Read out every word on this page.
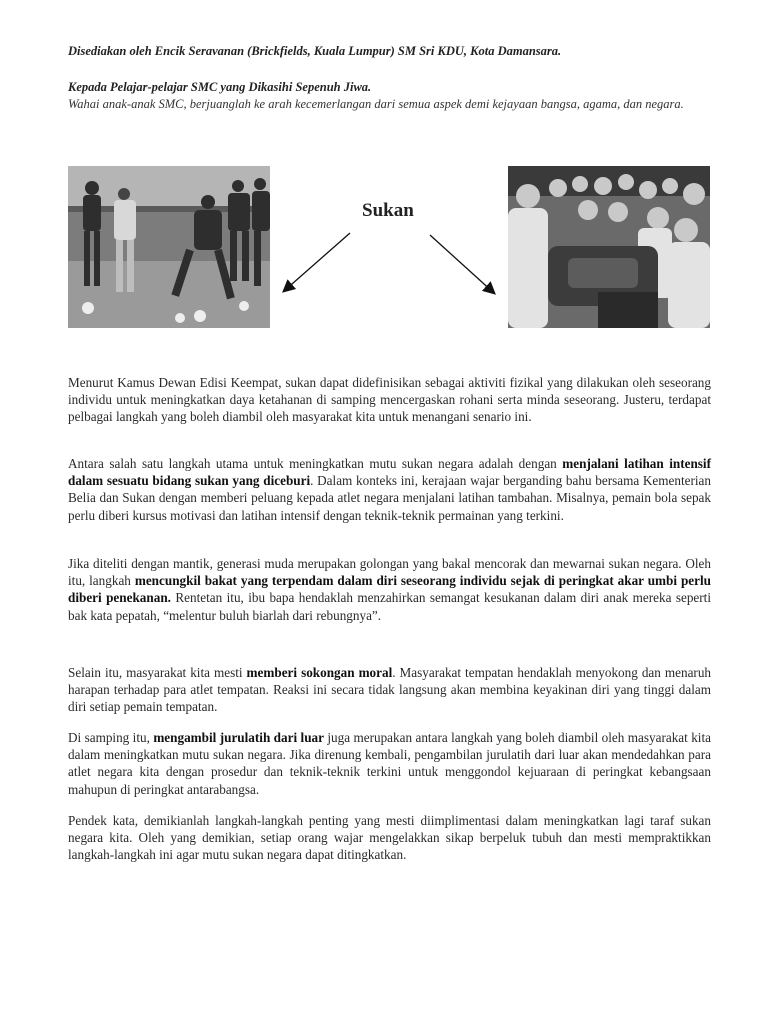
Disediakan oleh Encik Seravanan (Brickfields, Kuala Lumpur) SM Sri KDU, Kota Damansara.
Kepada Pelajar-pelajar SMC yang Dikasihi Sepenuh Jiwa.
Wahai anak-anak SMC, berjuanglah ke arah kecemerlangan dari semua aspek demi kejayaan bangsa, agama, dan negara.
Sukan
Menurut Kamus Dewan Edisi Keempat, sukan dapat didefinisikan sebagai aktiviti fizikal yang dilakukan oleh seseorang individu untuk meningkatkan daya ketahanan di samping mencergaskan rohani serta minda seseorang. Justeru, terdapat pelbagai langkah yang boleh diambil oleh masyarakat kita untuk menangani senario ini.
Antara salah satu langkah utama untuk meningkatkan mutu sukan negara adalah dengan menjalani latihan intensif dalam sesuatu bidang sukan yang diceburi. Dalam konteks ini, kerajaan wajar berganding bahu bersama Kementerian Belia dan Sukan dengan memberi peluang kepada atlet negara menjalani latihan tambahan. Misalnya, pemain bola sepak perlu diberi kursus motivasi dan latihan intensif dengan teknik-teknik permainan yang terkini.
Jika diteliti dengan mantik, generasi muda merupakan golongan yang bakal mencorak dan mewarnai sukan negara. Oleh itu, langkah mencungkil bakat yang terpendam dalam diri seseorang individu sejak di peringkat akar umbi perlu diberi penekanan. Rentetan itu, ibu bapa hendaklah menzahirkan semangat kesukanan dalam diri anak mereka seperti bak kata pepatah, “melentur buluh biarlah dari rebungnya”.
Selain itu, masyarakat kita mesti memberi sokongan moral. Masyarakat tempatan hendaklah menyokong dan menaruh harapan terhadap para atlet tempatan. Reaksi ini secara tidak langsung akan membina keyakinan diri yang tinggi dalam diri setiap pemain tempatan.
Di samping itu, mengambil jurulatih dari luar juga merupakan antara langkah yang boleh diambil oleh masyarakat kita dalam meningkatkan mutu sukan negara. Jika direnung kembali, pengambilan jurulatih dari luar akan mendedahkan para atlet negara kita dengan prosedur dan teknik-teknik terkini untuk menggondol kejuaraan di peringkat kebangsaan mahupun di peringkat antarabangsa.
Pendek kata, demikianlah langkah-langkah penting yang mesti diimplimentasi dalam meningkatkan lagi taraf sukan negara kita. Oleh yang demikian, setiap orang wajar mengelakkan sikap berpeluk tubuh dan mesti mempraktikkan langkah-langkah ini agar mutu sukan negara dapat ditingkatkan.
